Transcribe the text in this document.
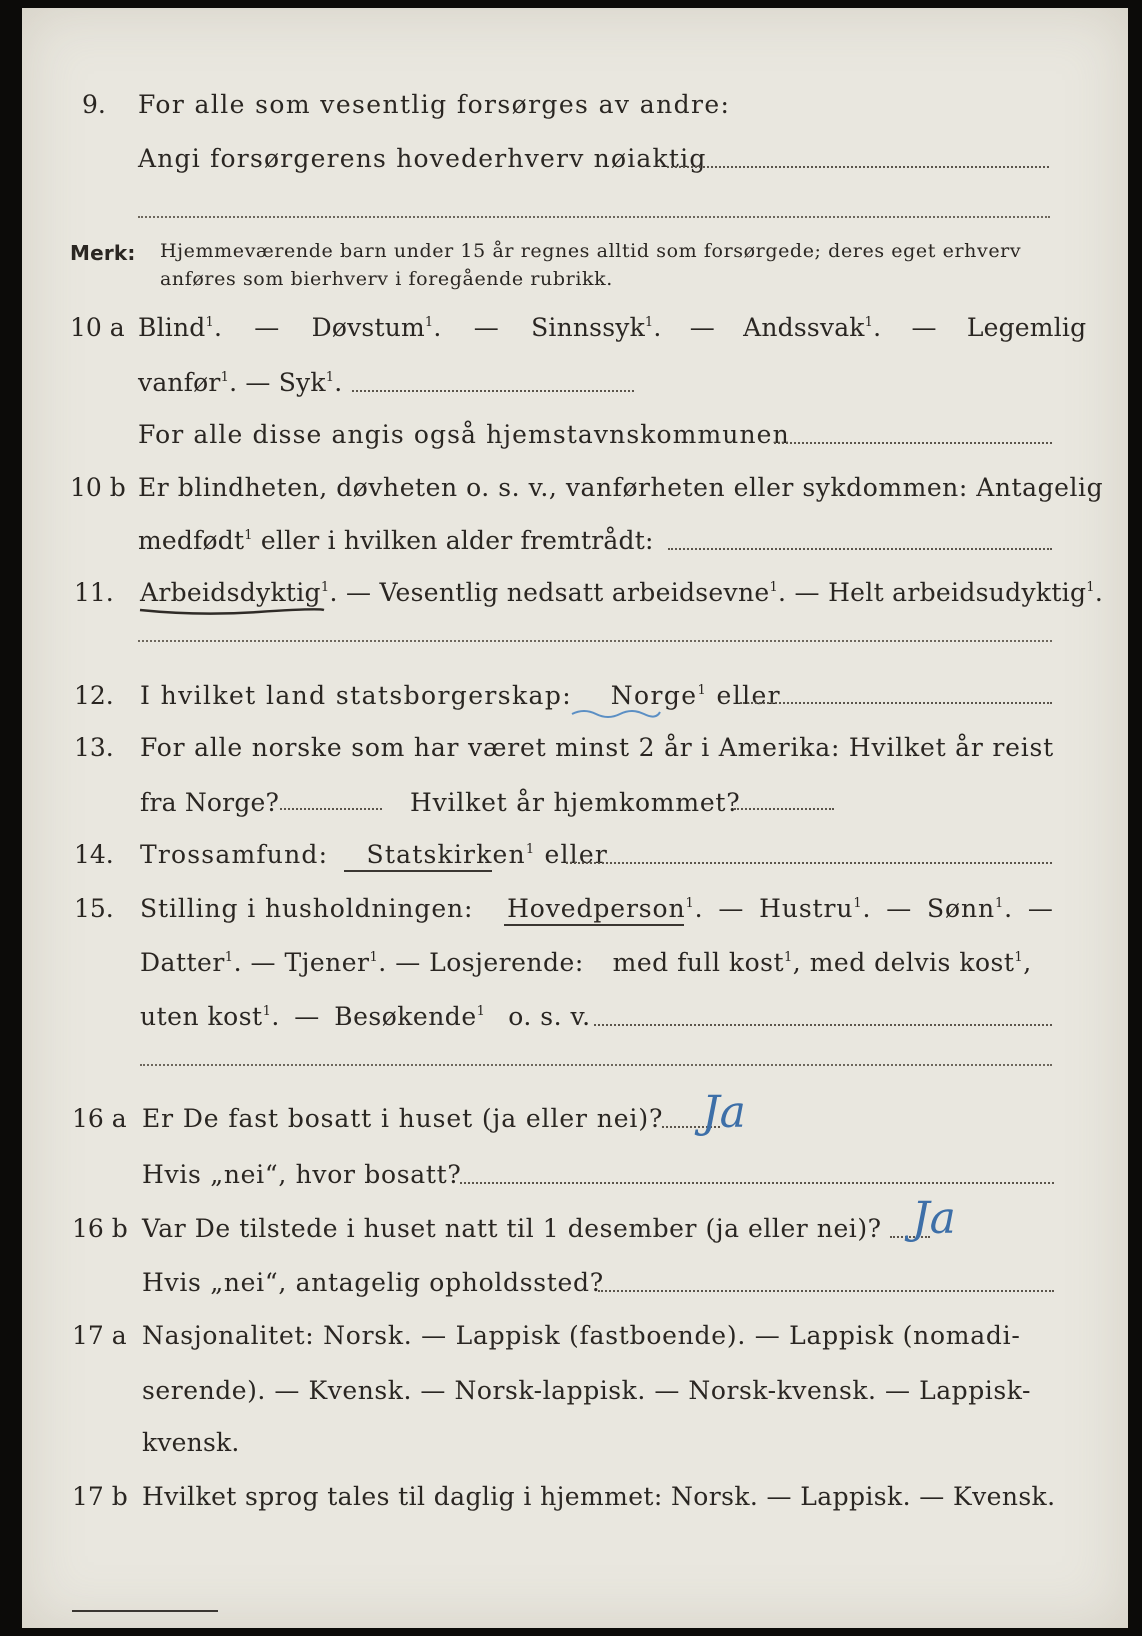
9. For alle som vesentlig forsørges av andre:
Angi forsørgerens hovederhverv nøiaktig
Merk: Hjemmeværende barn under 15 år regnes alltid som forsørgede; deres eget erhverv
anføres som bierhverv i foregående rubrikk.
10 a Blind$^1$. — Døvstum$^1$. — Sinnssyk$^1$. — Andssvak$^1$. — Legemlig
vanfør$^1$. — Syk$^1$.
For alle disse angis også hjemstavnskommunen
10 b Er blindheten, døvheten o. s. v., vanførheten eller sykdommen: Antagelig
medfødt$^1$ eller i hvilken alder fremtrådt:
11. Arbeidsdyktig$^1$. — Vesentlig nedsatt arbeidsevne$^1$. — Helt arbeidsudyktig$^1$.
12. I hvilket land statsborgerskap: Norge$^1$ eller
13. For alle norske som har været minst 2 år i Amerika: Hvilket år reist
fra Norge?	Hvilket år hjemkommet?
14. Trossamfund: Statskirken$^1$ eller
15. Stilling i husholdningen: Hovedperson$^1$. — Hustru$^1$. — Sønn$^1$. —
Datter$^1$. — Tjener$^1$. — Losjerende: med full kost$^1$, med delvis kost$^1$,
uten kost$^1$. — Besøkende$^1$ o. s. v.
16 a Er De fast bosatt i huset (ja eller nei)? Ja
Hvis „nei“, hvor bosatt?
16 b Var De tilstede i huset natt til 1 desember (ja eller nei)? Ja
Hvis „nei“, antagelig opholdssted?
17 a Nasjonalitet: Norsk. — Lappisk (fastboende). — Lappisk (nomadi-
serende). — Kvensk. — Norsk-lappisk. — Norsk-kvensk. — Lappisk-
kvensk.
17 b Hvilket sprog tales til daglig i hjemmet: Norsk. — Lappisk. — Kvensk.
